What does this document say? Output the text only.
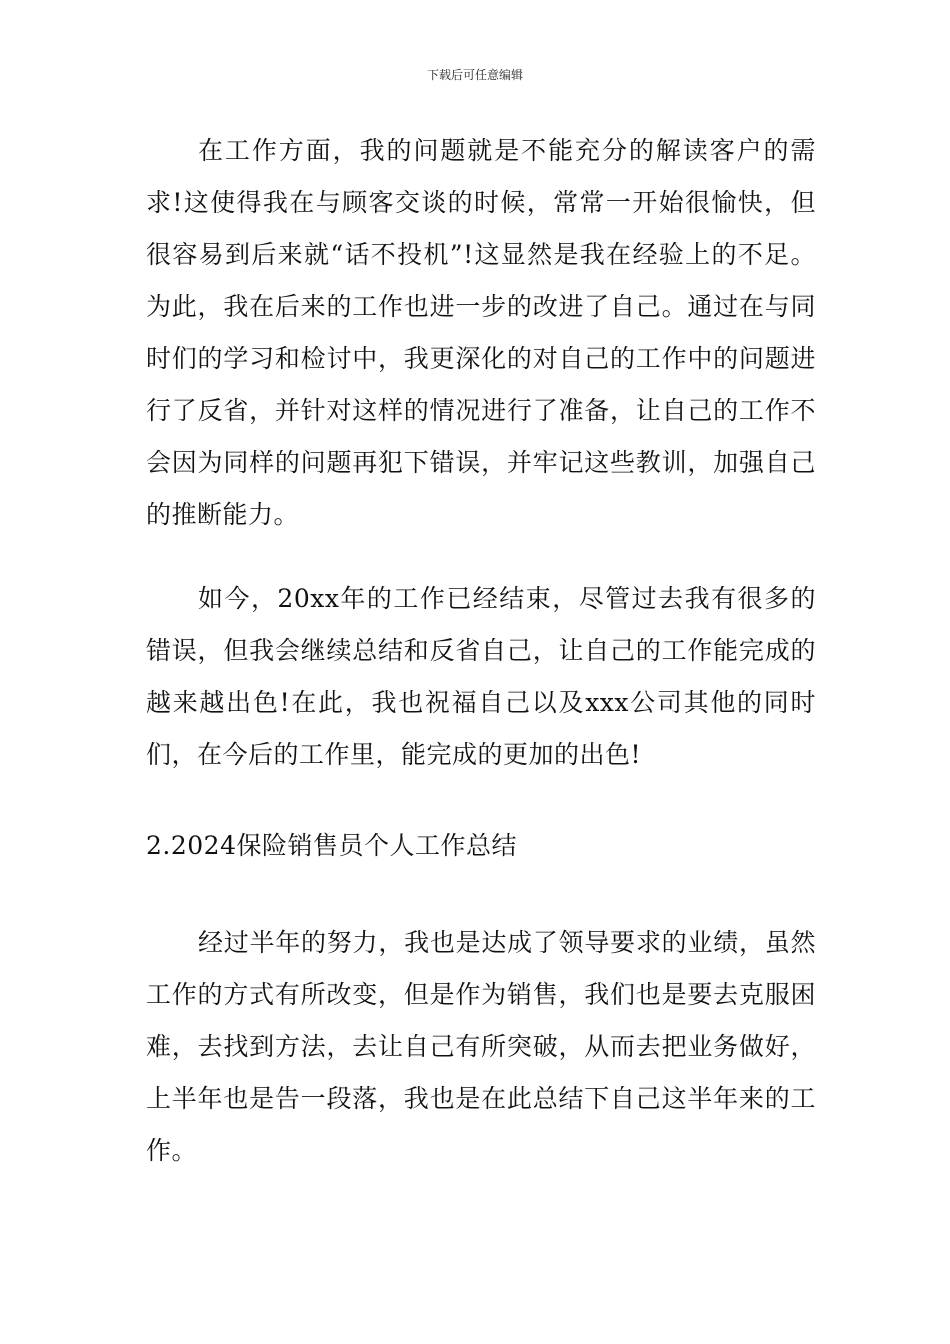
下载后可任意编辑

在工作方面，我的问题就是不能充分的解读客户的需求!这使得我在与顾客交谈的时候，常常一开始很愉快，但很容易到后来就“话不投机”!这显然是我在经验上的不足。为此，我在后来的工作也进一步的改进了自己。通过在与同时们的学习和检讨中，我更深化的对自己的工作中的问题进行了反省，并针对这样的情况进行了准备，让自己的工作不会因为同样的问题再犯下错误，并牢记这些教训，加强自己的推断能力。

如今，20xx年的工作已经结束，尽管过去我有很多的错误，但我会继续总结和反省自己，让自己的工作能完成的越来越出色!在此，我也祝福自己以及xxx公司其他的同时们，在今后的工作里，能完成的更加的出色!

2.2024保险销售员个人工作总结

经过半年的努力，我也是达成了领导要求的业绩，虽然工作的方式有所改变，但是作为销售，我们也是要去克服困难，去找到方法，去让自己有所突破，从而去把业务做好，上半年也是告一段落，我也是在此总结下自己这半年来的工作。
